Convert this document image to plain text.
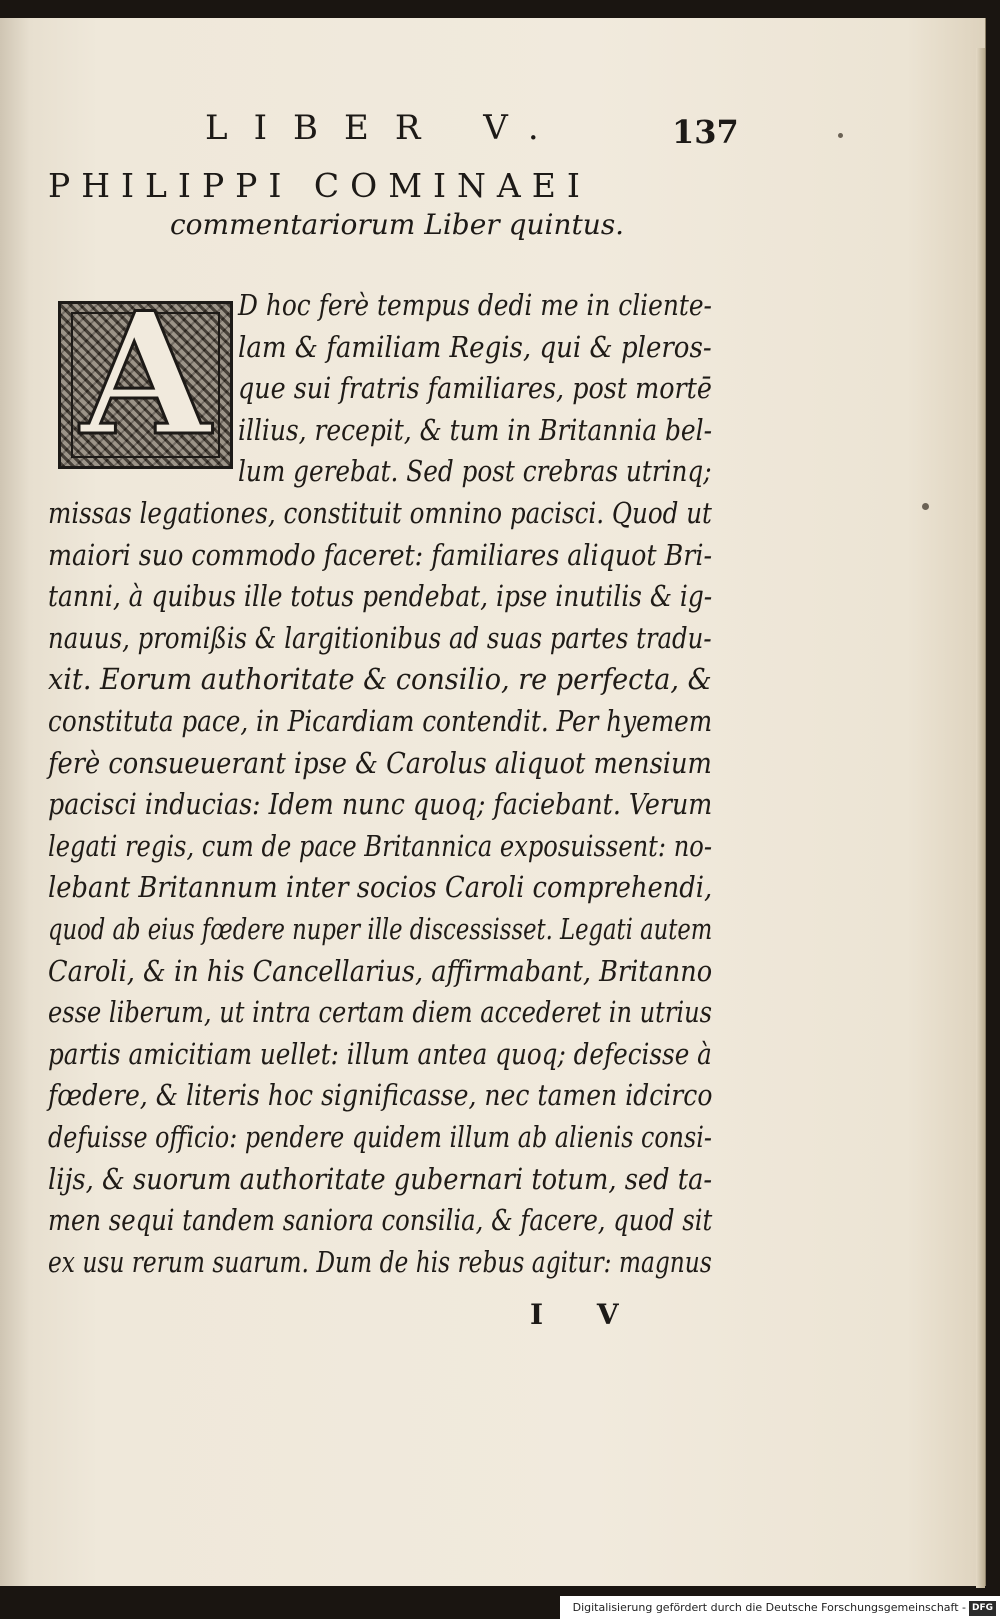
LIBER V.	137
PHILIPPI COMINAEI
commentariorum Liber quintus.
A D hoc ferè tempus dedi me in cliente-
lam & familiam Regis, qui & pleros-
que sui fratris familiares, post mortē
illius, recepit, & tum in Britannia bel-
lum gerebat. Sed post crebras utrinq;
missas legationes, constituit omnino pacisci. Quod ut
maiori suo commodo faceret: familiares aliquot Bri-
tanni, à quibus ille totus pendebat, ipse inutilis & ig-
nauus, promißis & largitionibus ad suas partes tradu-
xit. Eorum authoritate & consilio, re perfecta, &
constituta pace, in Picardiam contendit. Per hyemem
ferè consueuerant ipse & Carolus aliquot mensium
pacisci inducias: Idem nunc quoq; faciebant. Verum
legati regis, cum de pace Britannica exposuissent: no-
lebant Britannum inter socios Caroli comprehendi,
quod ab eius fœdere nuper ille discessisset. Legati autem
Caroli, & in his Cancellarius, affirmabant, Britanno
esse liberum, ut intra certam diem accederet in utrius
partis amicitiam uellet: illum antea quoq; defecisse à
fœdere, & literis hoc significasse, nec tamen idcirco
defuisse officio: pendere quidem illum ab alienis consi-
lijs, & suorum authoritate gubernari totum, sed ta-
men sequi tandem saniora consilia, & facere, quod sit
ex usu rerum suarum. Dum de his rebus agitur: magnus
I V
Digitalisierung gefördert durch die Deutsche Forschungsgemeinschaft - DFG
